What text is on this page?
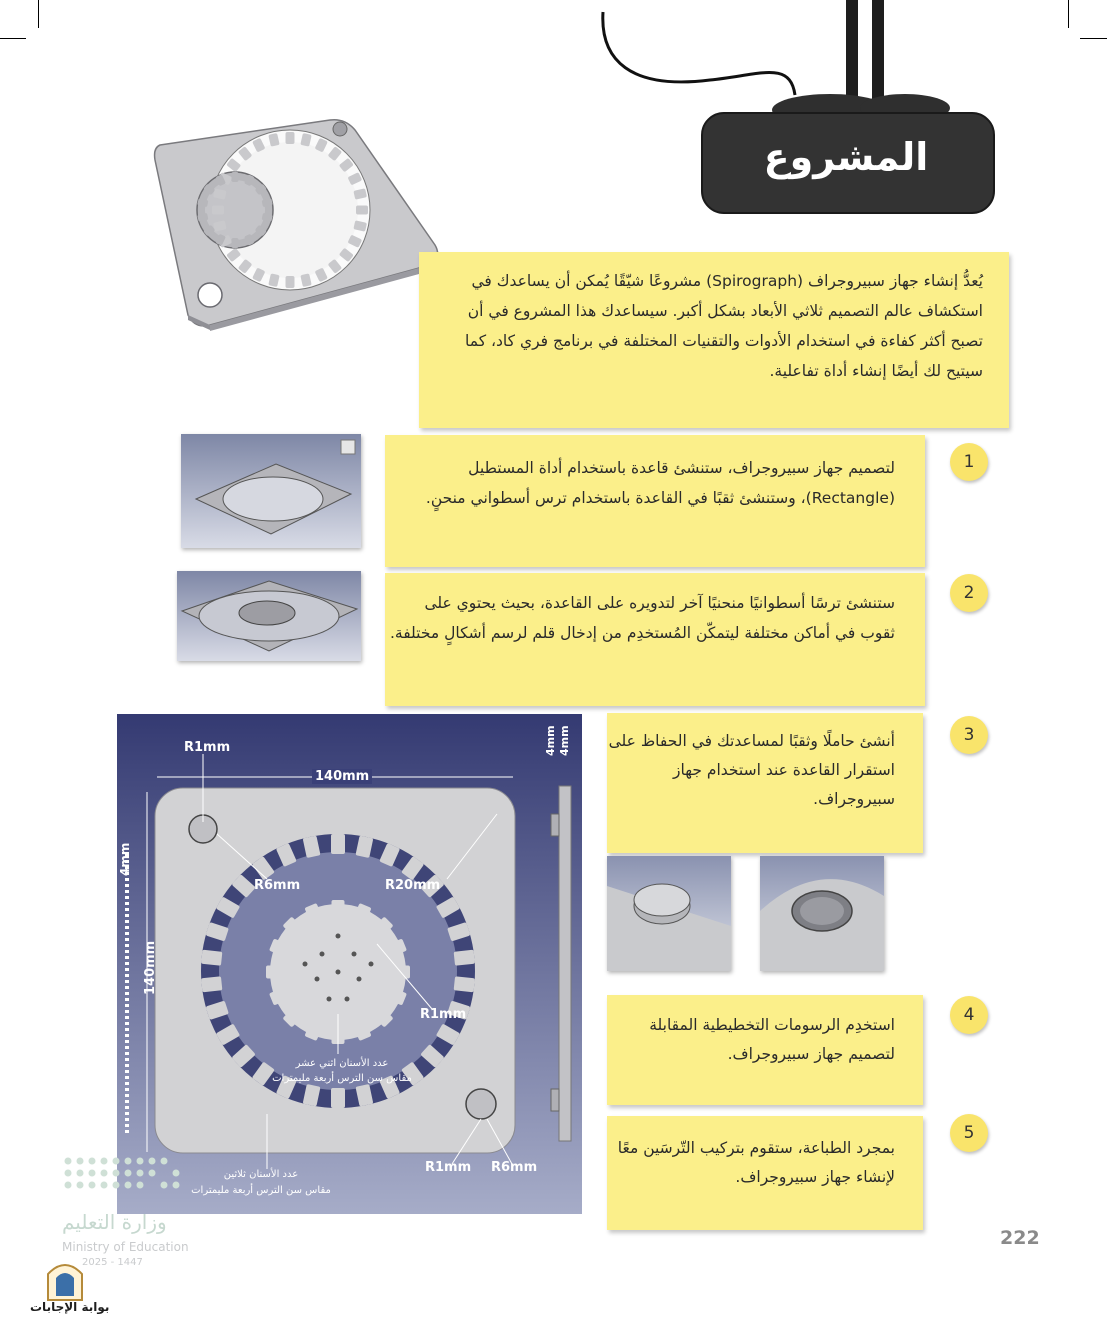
المشروع
يُعدُّ إنشاء جهاز سبيروجراف (Spirograph) مشروعًا شيّقًا يُمكن أن يساعدك في استكشاف عالم التصميم ثلاثي الأبعاد بشكل أكبر. سيساعدك هذا المشروع في أن تصبح أكثر كفاءة في استخدام الأدوات والتقنيات المختلفة في برنامج فري كاد، كما سيتيح لك أيضًا إنشاء أداة تفاعلية.
لتصميم جهاز سبيروجراف، ستنشئ قاعدة باستخدام أداة المستطيل (Rectangle)، وستنشئ ثقبًا في القاعدة باستخدام ترس أسطواني منحنٍ.
1
ستنشئ ترسًا أسطوانيًا منحنيًا آخر لتدويره على القاعدة، بحيث يحتوي على ثقوب في أماكن مختلفة ليتمكّن المُستخدِم من إدخال قلم لرسم أشكالٍ مختلفة.
2
R1mm
140mm
4mm 4mm
4mm
140mm
R6mm	R20mm
R1mm
عدد الأسنان اثني عشر
مقاس سن الترس أربعة مليمترات
عدد الأسنان ثلاثين
مقاس سن الترس أربعة مليمترات
R1mm R6mm
أنشئ حاملًا وثقبًا لمساعدتك في الحفاظ على استقرار القاعدة عند استخدام جهاز سبيروجراف.
3
استخدِم الرسومات التخطيطية المقابلة لتصميم جهاز سبيروجراف.
4
بمجرد الطباعة، ستقوم بتركيب التّرسَين معًا لإنشاء جهاز سبيروجراف.
5
222
وزارة التعليم
Ministry of Education
2025 - 1447
بوابة الإجابات
